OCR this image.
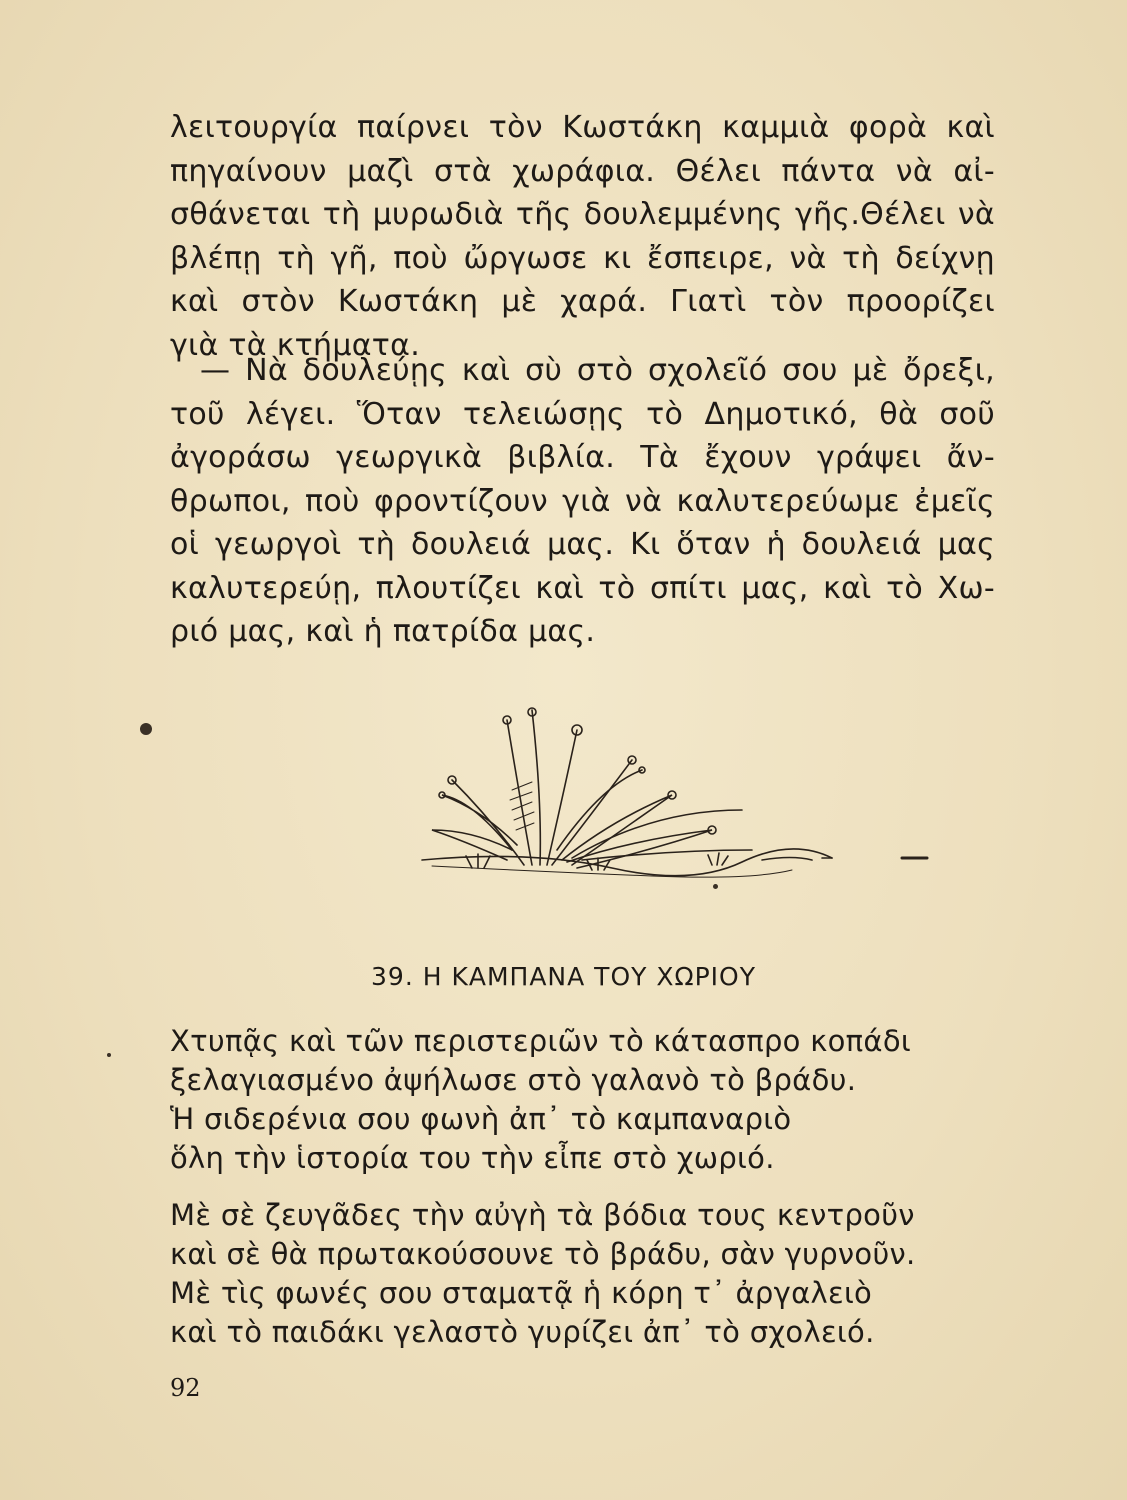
λειτουργία παίρνει τὸν Κωστάκη καμμιὰ φορὰ καὶ
πηγαίνουν μαζὶ στὰ χωράφια. Θέλει πάντα νὰ αἰ-
σθάνεται τὴ μυρωδιὰ τῆς δουλεμμένης γῆς.Θέλει νὰ
βλέπῃ τὴ γῆ, ποὺ ὤργωσε κι ἔσπειρε, νὰ τὴ δείχνῃ
καὶ στὸν Κωστάκη μὲ χαρά. Γιατὶ τὸν προορίζει
γιὰ τὰ κτήματα.
— Νὰ δουλεύῃς καὶ σὺ στὸ σχολεῖό σου μὲ ὄρεξι,
τοῦ λέγει. Ὅταν τελειώσῃς τὸ Δημοτικό, θὰ σοῦ
ἀγοράσω γεωργικὰ βιβλία. Τὰ ἔχουν γράψει ἄν-
θρωποι, ποὺ φροντίζουν γιὰ νὰ καλυτερεύωμε ἐμεῖς
οἱ γεωργοὶ τὴ δουλειά μας. Κι ὅταν ἡ δουλειά μας
καλυτερεύῃ, πλουτίζει καὶ τὸ σπίτι μας, καὶ τὸ Χω-
ριό μας, καὶ ἡ πατρίδα μας.
39. Η ΚΑΜΠΑΝΑ ΤΟΥ ΧΩΡΙΟΥ
Χτυπᾷς καὶ τῶν περιστεριῶν τὸ κάτασπρο κοπάδι
ξελαγιασμένο ἀψήλωσε στὸ γαλανὸ τὸ βράδυ.
Ἡ σιδερένια σου φωνὴ ἀπ᾽ τὸ καμπαναριὸ
ὅλη τὴν ἱστορία του τὴν εἶπε στὸ χωριό.
Μὲ σὲ ζευγᾶδες τὴν αὐγὴ τὰ βόδια τους κεντροῦν
καὶ σὲ θὰ πρωτακούσουνε τὸ βράδυ, σὰν γυρνοῦν.
Μὲ τὶς φωνές σου σταματᾷ ἡ κόρη τ᾽ ἀργαλειὸ
καὶ τὸ παιδάκι γελαστὸ γυρίζει ἀπ᾽ τὸ σχολειό.
92
